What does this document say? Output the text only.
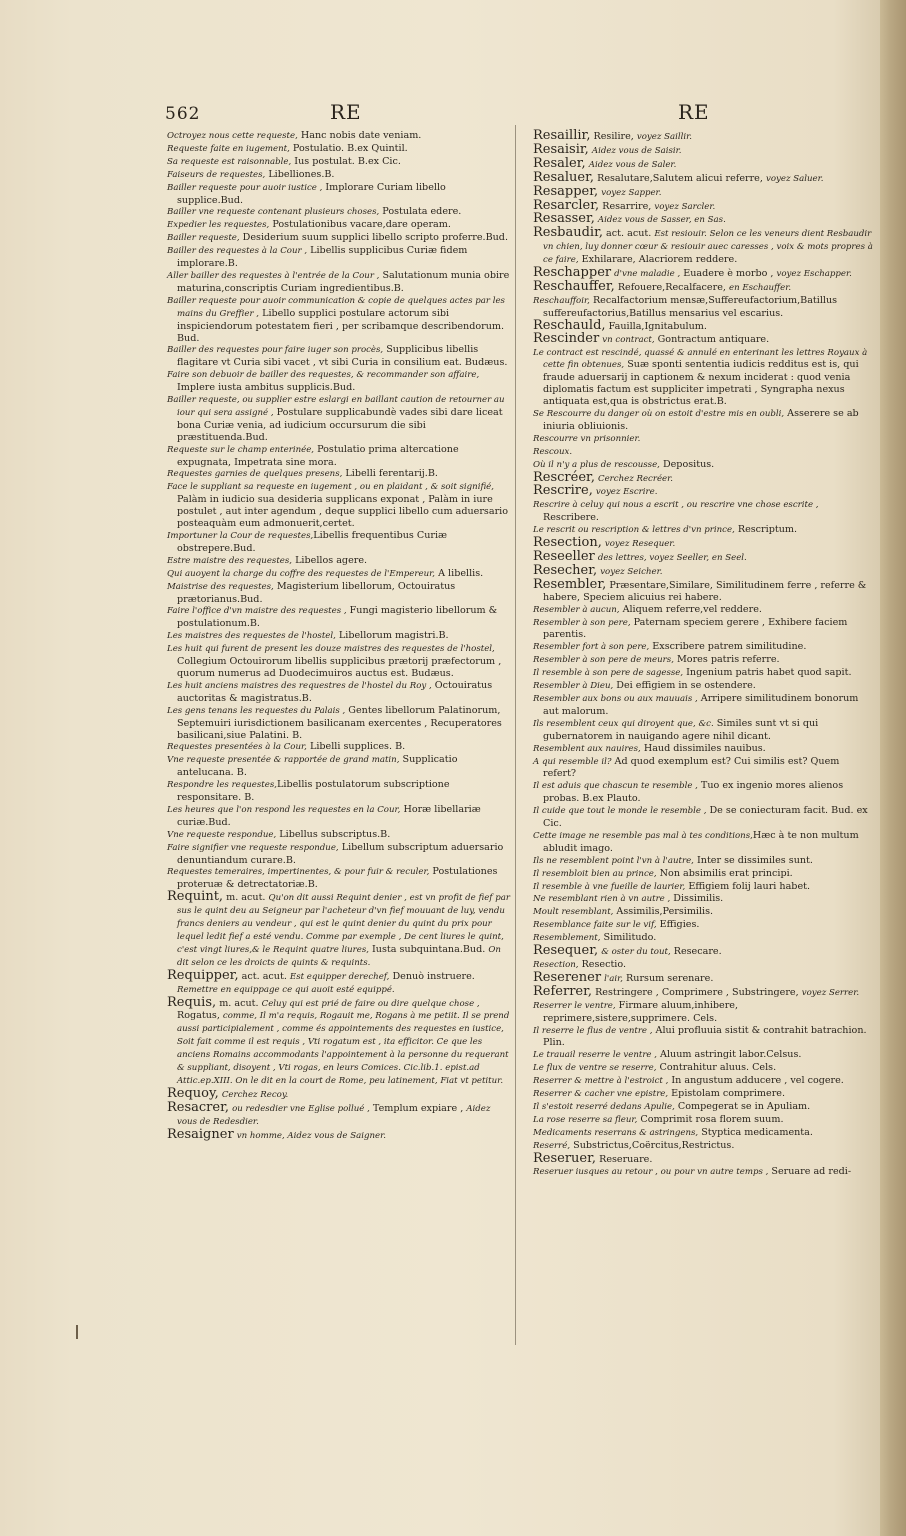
562	RE	RE

Octroyez nous cette requeste, Hanc nobis date veniam.

Requeste faite en iugement, Postulatio. B.ex Quintil.

Sa requeste est raisonnable, Ius postulat. B.ex Cic.

Faiseurs de requestes, Libelliones.B.

Bailler requeste pour auoir iustice , Implorare Curiam libello supplice.Bud.

Bailler vne requeste contenant plusieurs choses, Postulata edere.

Expedier les requestes, Postulationibus vacare,dare operam.

Bailler requeste, Desiderium suum supplici libello scripto proferre.Bud.

Bailler des requestes à la Cour , Libellis supplicibus Curiæ fidem implorare.B.

Aller bailler des requestes à l'entrée de la Cour , Salutationum munia obire maturina,conscriptis Curiam ingredientibus.B.

Bailler requeste pour auoir communication & copie de quelques actes par les mains du Greffier , Libello supplici postulare actorum sibi inspiciendorum potestatem fieri , per scribamque describendorum. Bud.

Bailler des requestes pour faire iuger son procès, Supplicibus libellis flagitare vt Curia sibi vacet , vt sibi Curia in consilium eat. Budæus.

Faire son debuoir de bailler des requestes, & recommander son affaire, Implere iusta ambitus supplicis.Bud.

Bailler requeste, ou supplier estre eslargi en baillant caution de retourner au iour qui sera assigné , Postulare supplicabundè vades sibi dare liceat bona Curiæ venia, ad iudicium occursurum die sibi præstituenda.Bud.

Requeste sur le champ enterinée, Postulatio prima altercatione expugnata, Impetrata sine mora.

Requestes garnies de quelques presens, Libelli ferentarij.B.

Face le suppliant sa requeste en iugement , ou en plaidant , & soit signifié, Palàm in iudicio sua desideria supplicans exponat , Palàm in iure postulet , aut inter agendum , deque supplici libello cum aduersario posteaquàm eum admonuerit,certet.

Importuner la Cour de requestes,Libellis frequentibus Curiæ obstrepere.Bud.

Estre maistre des requestes, Libellos agere.

Qui auoyent la charge du coffre des requestes de l'Empereur, A libellis.

Maistrise des requestes, Magisterium libellorum, Octouiratus prætorianus.Bud.

Faire l'office d'vn maistre des requestes , Fungi magisterio libellorum & postulationum.B.

Les maistres des requestes de l'hostel, Libellorum magistri.B.

Les huit qui furent de present les douze maistres des requestes de l'hostel, Collegium Octouirorum libellis supplicibus prætorij præfectorum , quorum numerus ad Duodecimuiros auctus est. Budæus.

Les huit anciens maistres des requestres de l'hostel du Roy , Octouiratus auctoritas & magistratus.B.

Les gens tenans les requestes du Palais , Gentes libellorum Palatinorum, Septemuiri iurisdictionem basilicanam exercentes , Recuperatores basilicani,siue Palatini. B.

Requestes presentées à la Cour, Libelli supplices. B.

Vne requeste presentée & rapportée de grand matin, Supplicatio antelucana. B.

Respondre les requestes,Libellis postulatorum subscriptione responsitare. B.

Les heures que l'on respond les requestes en la Cour, Horæ libellariæ curiæ.Bud.

Vne requeste respondue, Libellus subscriptus.B.

Faire signifier vne requeste respondue, Libellum subscriptum aduersario denuntiandum curare.B.

Requestes temeraires, impertinentes, & pour fuir & reculer, Postulationes proteruæ & detrectatoriæ.B.

Requint, m. acut. Qu'on dit aussi Requint denier , est vn profit de fief par sus le quint deu au Seigneur par l'acheteur d'vn fief mouuant de luy, vendu francs deniers au vendeur , qui est le quint denier du quint du prix pour lequel ledit fief a esté vendu. Comme par exemple , De cent liures le quint, c'est vingt liures,& le Requint quatre liures, Iusta subquintana.Bud. On dit selon ce les droicts de quints & requints.

Requipper, act. acut. Est equipper derechef, Denuò instruere. Remettre en equippage ce qui auoit esté equippé.

Requis, m. acut. Celuy qui est prié de faire ou dire quelque chose , Rogatus, comme, Il m'a requis, Rogauit me, Rogans à me petiit. Il se prend aussi participialement , comme és appointements des requestes en iustice, Soit fait comme il est requis , Vti rogatum est , ita efficitor. Ce que les anciens Romains accommodants l'appointement à la personne du requerant & suppliant, disoyent , Vti rogas, en leurs Comices. Cic.lib.1. epist.ad Attic.ep.XIII. On le dit en la court de Rome, peu latinement, Fiat vt petitur.

Requoy, Cerchez Recoy.

Resacrer, ou redesdier vne Eglise pollué , Templum expiare , Aidez vous de Redesdier.

Resaigner vn homme, Aidez vous de Saigner.

Resaillir, Resilire, voyez Saillir.

Resaisir, Aidez vous de Saisir.

Resaler, Aidez vous de Saler.

Resaluer, Resalutare,Salutem alicui referre, voyez Saluer.

Resapper, voyez Sapper.

Resarcler, Resarrire, voyez Sarcler.

Resasser, Aidez vous de Sasser, en Sas.

Resbaudir, act. acut. Est resiouir. Selon ce les veneurs dient Resbaudir vn chien, luy donner cœur & resiouir auec caresses , voix & mots propres à ce faire, Exhilarare, Alacriorem reddere.

Reschapper d'vne maladie , Euadere è morbo , voyez Eschapper.

Reschauffer, Refouere,Recalfacere, en Eschauffer.

Reschauffoir, Recalfactorium mensæ,Suffereufactorium,Batillus suffereufactorius,Batillus mensarius vel escarius.

Reschauld, Fauilla,Ignitabulum.

Rescinder vn contract, Gontractum antiquare.

Le contract est rescindé, quassé & annulé en enterinant les lettres Royaux à cette fin obtenues, Suæ sponti sententia iudicis redditus est is, qui fraude aduersarij in captionem & nexum inciderat : quod venia diplomatis factum est suppliciter impetrati , Syngrapha nexus antiquata est,qua is obstrictus erat.B.

Se Rescourre du danger où on estoit d'estre mis en oubli, Asserere se ab iniuria obliuionis.

Rescourre vn prisonnier.

Rescoux.

Où il n'y a plus de rescousse, Depositus.

Rescréer, Cerchez Recréer.

Rescrire, voyez Escrire.

Rescrire à celuy qui nous a escrit , ou rescrire vne chose escrite , Rescribere.

Le rescrit ou rescription & lettres d'vn prince, Rescriptum.

Resection, voyez Resequer.

Reseeller des lettres, voyez Seeller, en Seel.

Resecher, voyez Seicher.

Resembler, Præsentare,Similare, Similitudinem ferre , referre & habere, Speciem alicuius rei habere.

Resembler à aucun, Aliquem referre,vel reddere.

Resembler à son pere, Paternam speciem gerere , Exhibere faciem parentis.

Resembler fort à son pere, Exscribere patrem similitudine.

Resembler à son pere de meurs, Mores patris referre.

Il resemble à son pere de sagesse, Ingenium patris habet quod sapit.

Resembler à Dieu, Dei effigiem in se ostendere.

Resembler aux bons ou aux mauuais , Arripere similitudinem bonorum aut malorum.

Ils resemblent ceux qui diroyent que, &c. Similes sunt vt si qui gubernatorem in nauigando agere nihil dicant.

Resemblent aux nauires, Haud dissimiles nauibus.

A qui resemble il? Ad quod exemplum est? Cui similis est? Quem refert?

Il est aduis que chascun te resemble , Tuo ex ingenio mores alienos probas. B.ex Plauto.

Il cuide que tout le monde le resemble , De se coniecturam facit. Bud. ex Cic.

Cette image ne resemble pas mal à tes conditions,Hæc à te non multum abludit imago.

Ils ne resemblent point l'vn à l'autre, Inter se dissimiles sunt.

Il resembloit bien au prince, Non absimilis erat principi.

Il resemble à vne fueille de laurier, Effigiem folij lauri habet.

Ne resemblant rien à vn autre , Dissimilis.

Moult resemblant, Assimilis,Persimilis.

Resemblance faite sur le vif, Effigies.

Resemblement, Similitudo.

Resequer, & oster du tout, Resecare.

Resection, Resectio.

Reserener l'air, Rursum serenare.

Referrer, Restringere , Comprimere , Substringere, voyez Serrer.

Reserrer le ventre, Firmare aluum,inhibere, reprimere,sistere,supprimere. Cels.

Il reserre le flus de ventre , Alui profluuia sistit & contrahit batrachion. Plin.

Le trauail reserre le ventre , Aluum astringit labor.Celsus.

Le flux de ventre se reserre, Contrahitur aluus. Cels.

Reserrer & mettre à l'estroict , In angustum adducere , vel cogere.

Reserrer & cacher vne epistre, Epistolam comprimere.

Il s'estoit reserré dedans Apulie, Compegerat se in Apuliam.

La rose reserre sa fleur, Comprimit rosa florem suum.

Medicaments reserrans & astringens, Styptica medicamenta.

Reserré, Substrictus,Coërcitus,Restrictus.

Reseruer, Reseruare.

Reseruer iusques au retour , ou pour vn autre temps , Seruare ad redi-
